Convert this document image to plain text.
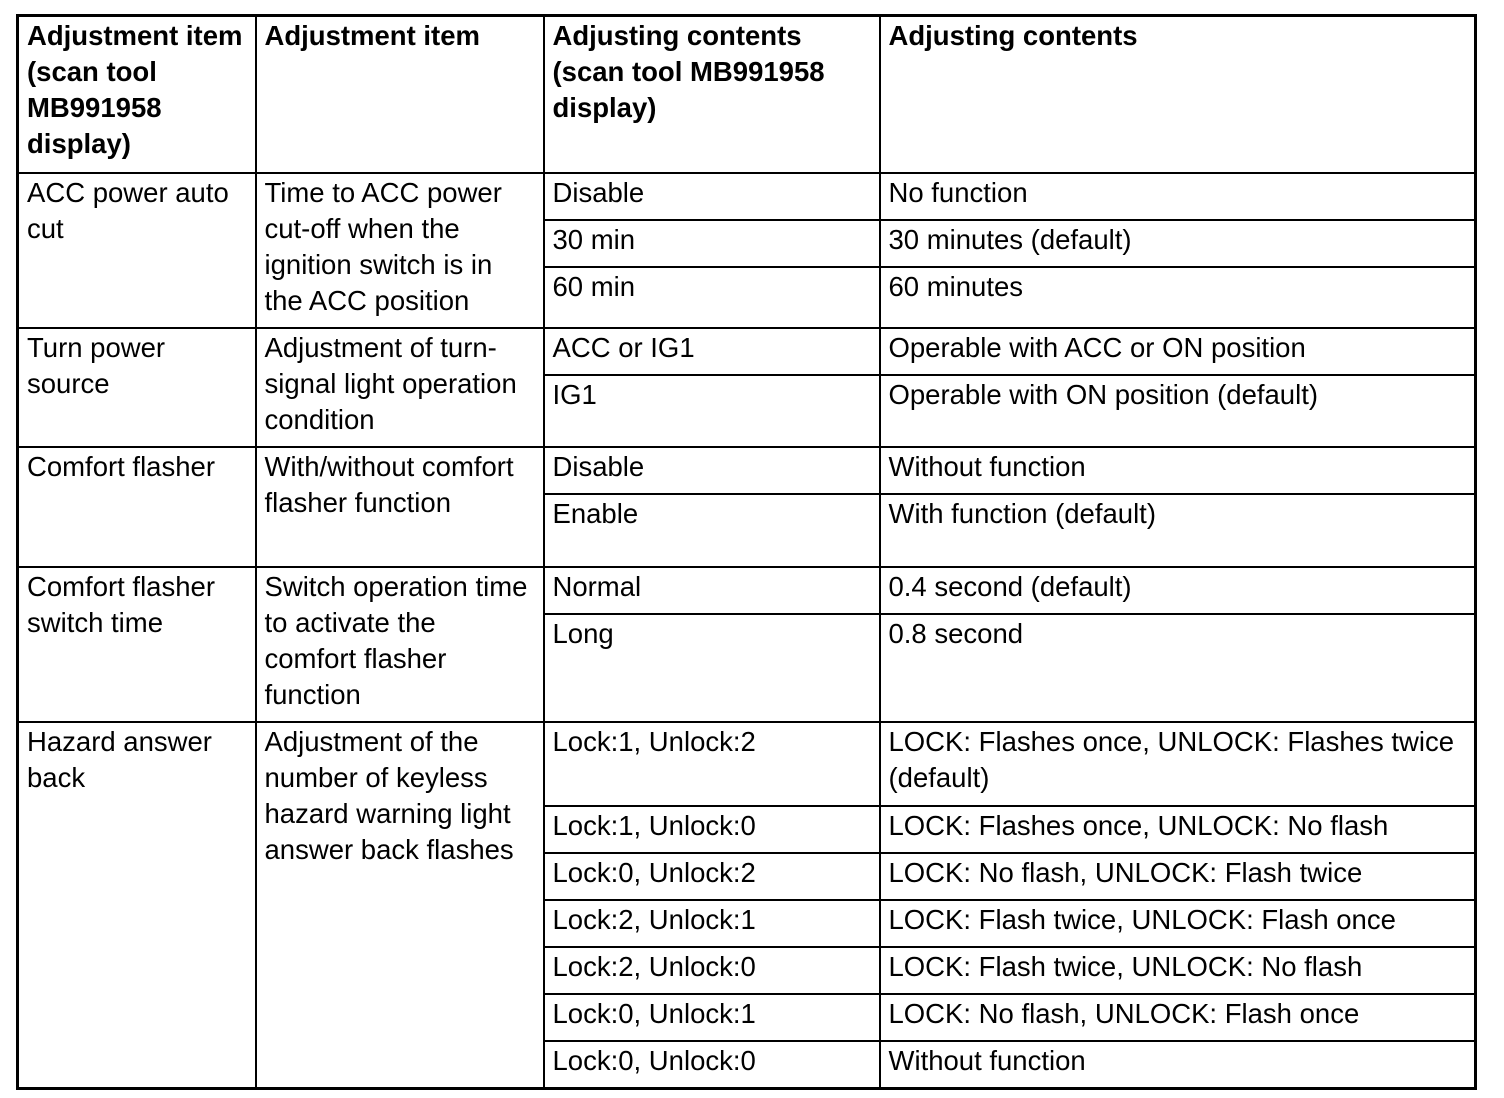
Adjustment item (scan tool MB991958 display)	Adjustment item	Adjusting contents (scan tool MB991958 display)	Adjusting contents
ACC power auto cut	Time to ACC power cut-off when the ignition switch is in the ACC position	Disable	No function
		30 min	30 minutes (default)
		60 min	60 minutes
Turn power source	Adjustment of turn-signal light operation condition	ACC or IG1	Operable with ACC or ON position
		IG1	Operable with ON position (default)
Comfort flasher	With/without comfort flasher function	Disable	Without function
		Enable	With function (default)
Comfort flasher switch time	Switch operation time to activate the comfort flasher function	Normal	0.4 second (default)
		Long	0.8 second
Hazard answer back	Adjustment of the number of keyless hazard warning light answer back flashes	Lock:1, Unlock:2	LOCK: Flashes once, UNLOCK: Flashes twice (default)
		Lock:1, Unlock:0	LOCK: Flashes once, UNLOCK: No flash
		Lock:0, Unlock:2	LOCK: No flash, UNLOCK: Flash twice
		Lock:2, Unlock:1	LOCK: Flash twice, UNLOCK: Flash once
		Lock:2, Unlock:0	LOCK: Flash twice, UNLOCK: No flash
		Lock:0, Unlock:1	LOCK: No flash, UNLOCK: Flash once
		Lock:0, Unlock:0	Without function
